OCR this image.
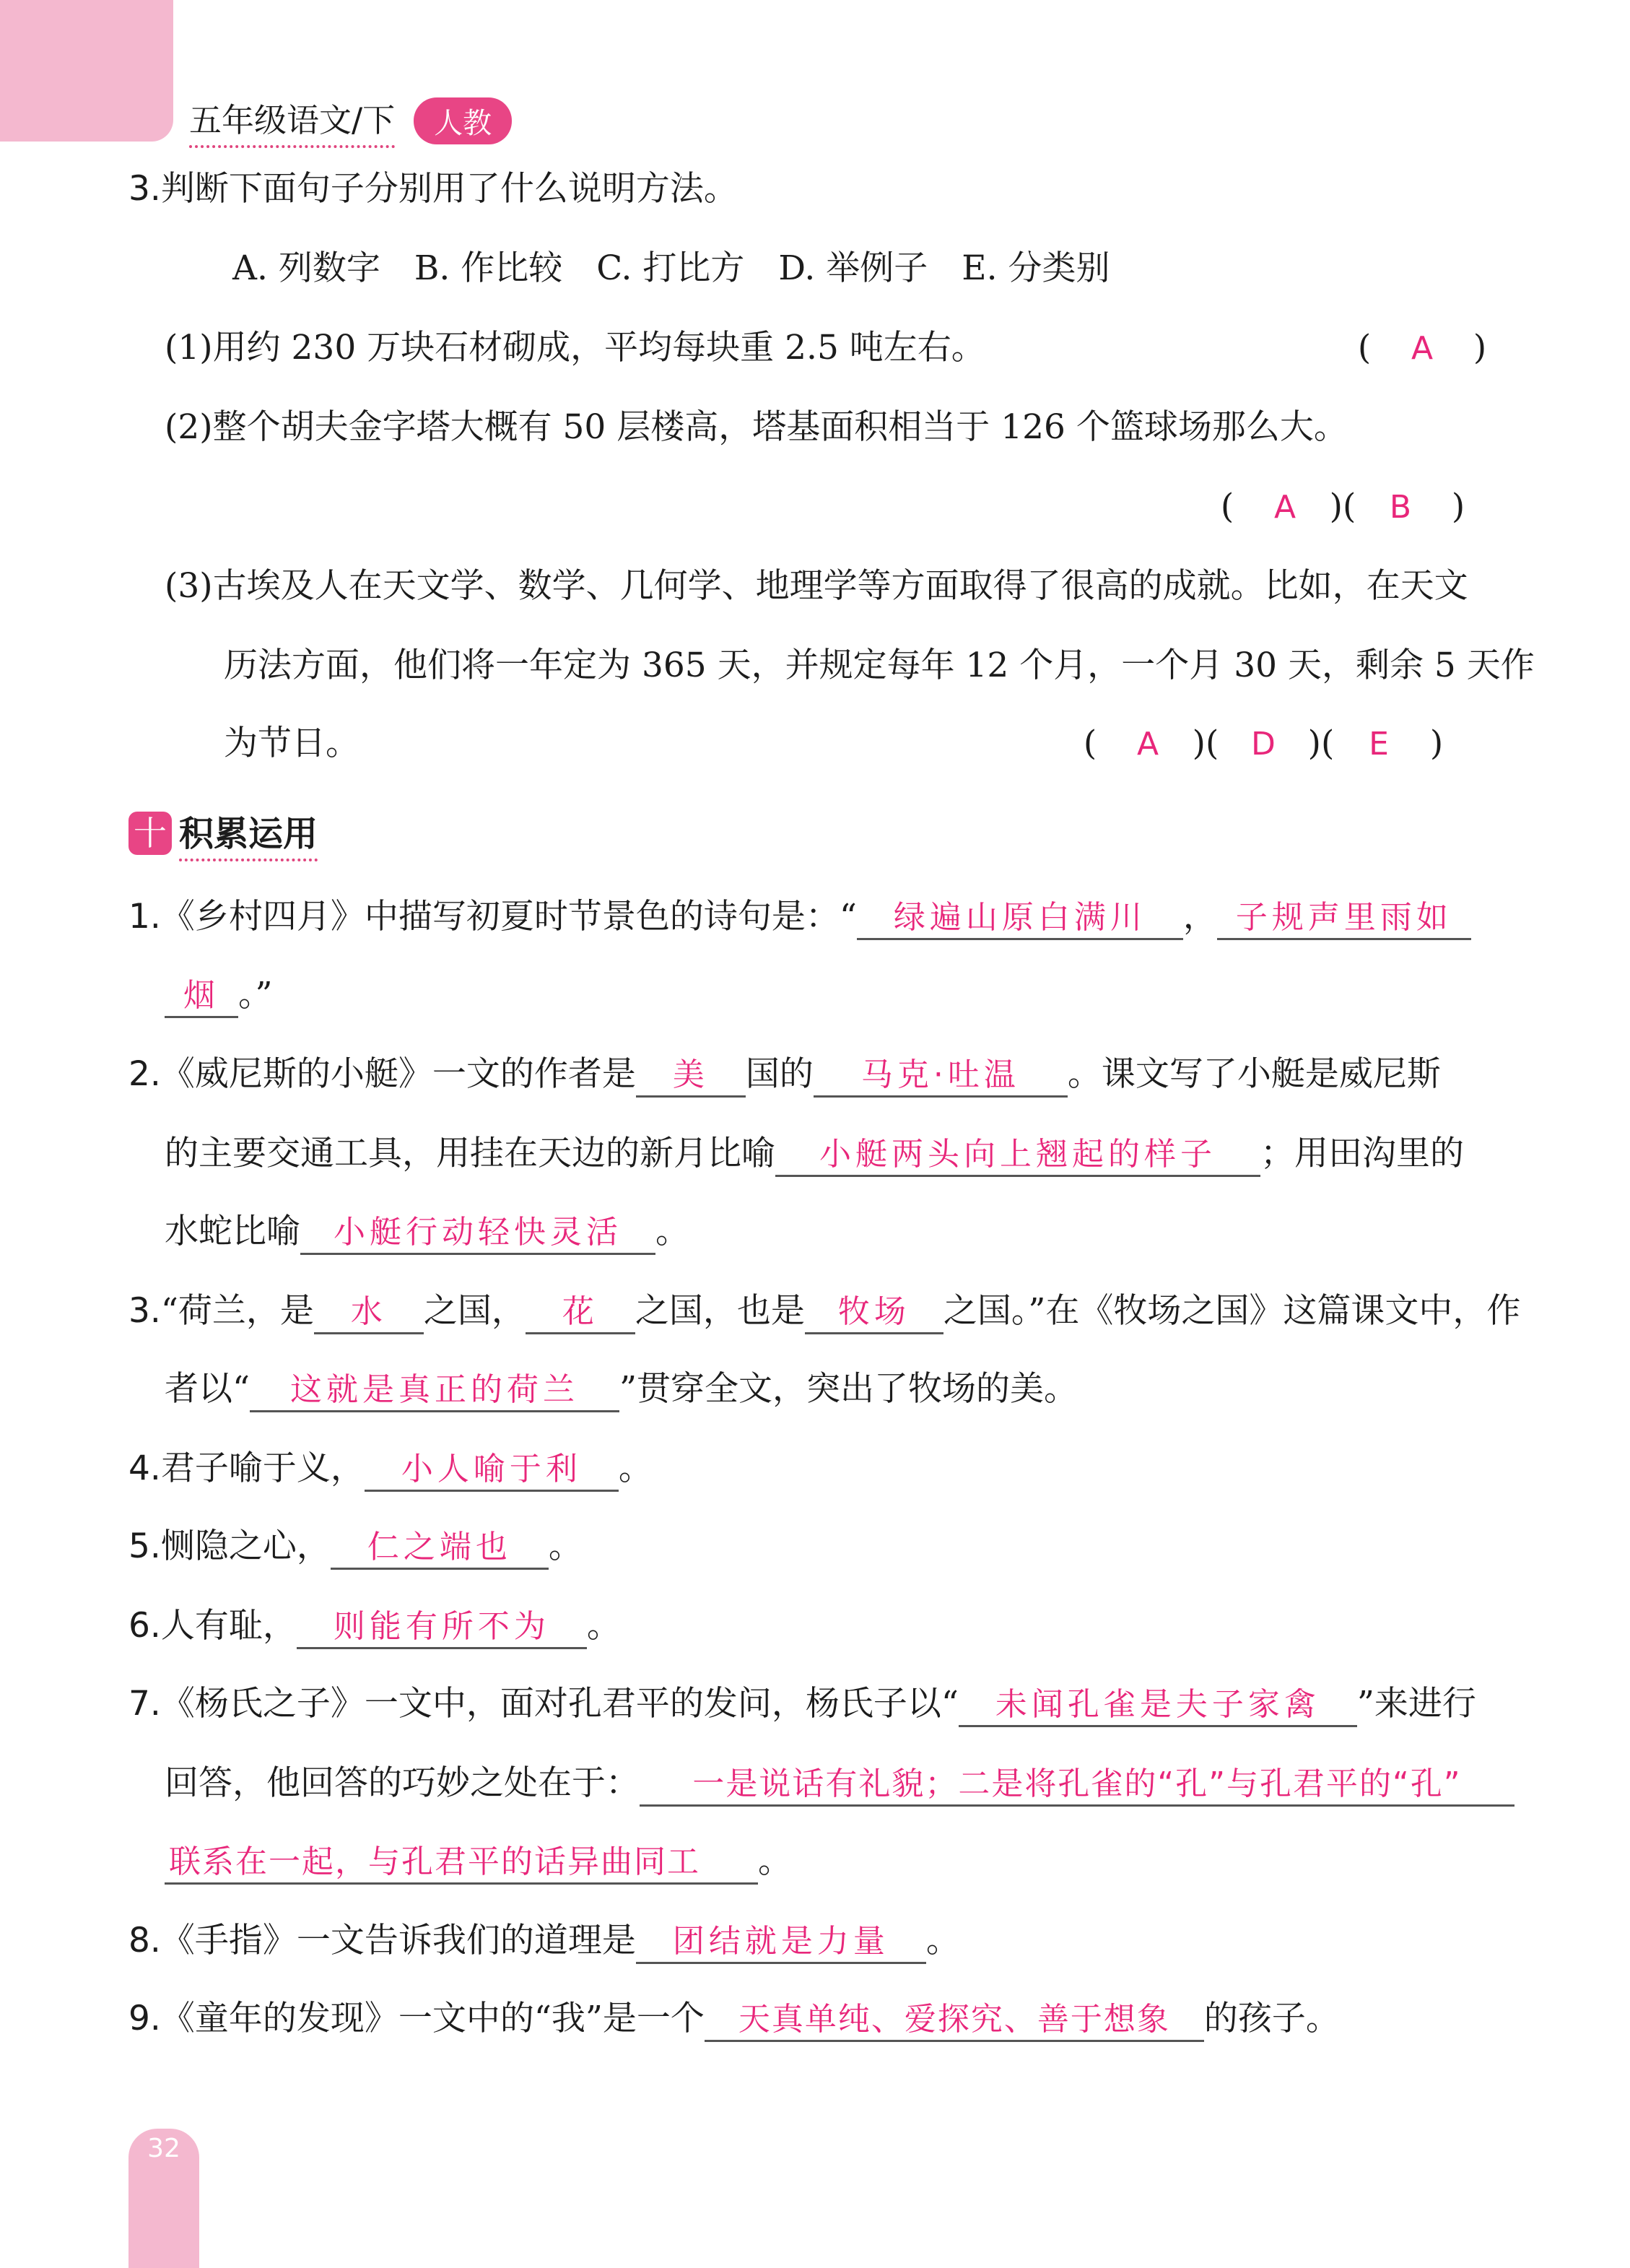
五年级语文/下	人教
3.判断下面句子分别用了什么说明方法。
A. 列数字　B. 作比较　C. 打比方　D. 举例子　E. 分类别
(1)用约 230 万块石材砌成，平均每块重 2.5 吨左右。	( A )
(2)整个胡夫金字塔大概有 50 层楼高，塔基面积相当于 126 个篮球场那么大。
( A )( B )
(3)古埃及人在天文学、数学、几何学、地理学等方面取得了很高的成就。比如，在天文
历法方面，他们将一年定为 365 天，并规定每年 12 个月，一个月 30 天，剩余 5 天作
为节日。	( A )( D )( E )
十 积累运用
1.《乡村四月》中描写初夏时节景色的诗句是：“ 绿遍山原白满川 ， 子规声里雨如
烟 。”
2.《威尼斯的小艇》一文的作者是 美 国的 马克·吐温 。课文写了小艇是威尼斯
的主要交通工具，用挂在天边的新月比喻 小艇两头向上翘起的样子 ；用田沟里的
水蛇比喻 小艇行动轻快灵活 。
3.“荷兰，是 水 之国， 花 之国，也是 牧场 之国。”在《牧场之国》这篇课文中，作
者以“ 这就是真正的荷兰 ”贯穿全文，突出了牧场的美。
4.君子喻于义， 小人喻于利 。
5.恻隐之心， 仁之端也 。
6.人有耻， 则能有所不为 。
7.《杨氏之子》一文中，面对孔君平的发问，杨氏子以“ 未闻孔雀是夫子家禽 ”来进行
回答，他回答的巧妙之处在于： 一是说话有礼貌；二是将孔雀的“孔”与孔君平的“孔”
联系在一起，与孔君平的话异曲同工 。
8.《手指》一文告诉我们的道理是 团结就是力量 。
9.《童年的发现》一文中的“我”是一个 天真单纯、爱探究、善于想象 的孩子。
32
